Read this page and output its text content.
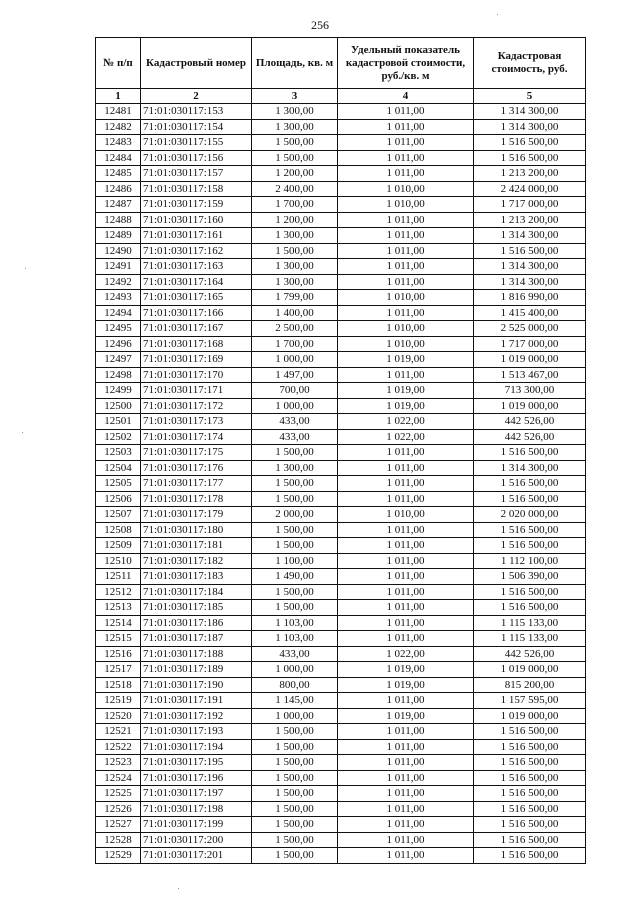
256
№ п/п	Кадастровый номер	Площадь, кв. м	Удельный показатель кадастровой стоимости, руб./кв. м	Кадастровая стоимость, руб.
1	2	3	4	5
12481	71:01:030117:153	1 300,00	1 011,00	1 314 300,00
12482	71:01:030117:154	1 300,00	1 011,00	1 314 300,00
12483	71:01:030117:155	1 500,00	1 011,00	1 516 500,00
12484	71:01:030117:156	1 500,00	1 011,00	1 516 500,00
12485	71:01:030117:157	1 200,00	1 011,00	1 213 200,00
12486	71:01:030117:158	2 400,00	1 010,00	2 424 000,00
12487	71:01:030117:159	1 700,00	1 010,00	1 717 000,00
12488	71:01:030117:160	1 200,00	1 011,00	1 213 200,00
12489	71:01:030117:161	1 300,00	1 011,00	1 314 300,00
12490	71:01:030117:162	1 500,00	1 011,00	1 516 500,00
12491	71:01:030117:163	1 300,00	1 011,00	1 314 300,00
12492	71:01:030117:164	1 300,00	1 011,00	1 314 300,00
12493	71:01:030117:165	1 799,00	1 010,00	1 816 990,00
12494	71:01:030117:166	1 400,00	1 011,00	1 415 400,00
12495	71:01:030117:167	2 500,00	1 010,00	2 525 000,00
12496	71:01:030117:168	1 700,00	1 010,00	1 717 000,00
12497	71:01:030117:169	1 000,00	1 019,00	1 019 000,00
12498	71:01:030117:170	1 497,00	1 011,00	1 513 467,00
12499	71:01:030117:171	700,00	1 019,00	713 300,00
12500	71:01:030117:172	1 000,00	1 019,00	1 019 000,00
12501	71:01:030117:173	433,00	1 022,00	442 526,00
12502	71:01:030117:174	433,00	1 022,00	442 526,00
12503	71:01:030117:175	1 500,00	1 011,00	1 516 500,00
12504	71:01:030117:176	1 300,00	1 011,00	1 314 300,00
12505	71:01:030117:177	1 500,00	1 011,00	1 516 500,00
12506	71:01:030117:178	1 500,00	1 011,00	1 516 500,00
12507	71:01:030117:179	2 000,00	1 010,00	2 020 000,00
12508	71:01:030117:180	1 500,00	1 011,00	1 516 500,00
12509	71:01:030117:181	1 500,00	1 011,00	1 516 500,00
12510	71:01:030117:182	1 100,00	1 011,00	1 112 100,00
12511	71:01:030117:183	1 490,00	1 011,00	1 506 390,00
12512	71:01:030117:184	1 500,00	1 011,00	1 516 500,00
12513	71:01:030117:185	1 500,00	1 011,00	1 516 500,00
12514	71:01:030117:186	1 103,00	1 011,00	1 115 133,00
12515	71:01:030117:187	1 103,00	1 011,00	1 115 133,00
12516	71:01:030117:188	433,00	1 022,00	442 526,00
12517	71:01:030117:189	1 000,00	1 019,00	1 019 000,00
12518	71:01:030117:190	800,00	1 019,00	815 200,00
12519	71:01:030117:191	1 145,00	1 011,00	1 157 595,00
12520	71:01:030117:192	1 000,00	1 019,00	1 019 000,00
12521	71:01:030117:193	1 500,00	1 011,00	1 516 500,00
12522	71:01:030117:194	1 500,00	1 011,00	1 516 500,00
12523	71:01:030117:195	1 500,00	1 011,00	1 516 500,00
12524	71:01:030117:196	1 500,00	1 011,00	1 516 500,00
12525	71:01:030117:197	1 500,00	1 011,00	1 516 500,00
12526	71:01:030117:198	1 500,00	1 011,00	1 516 500,00
12527	71:01:030117:199	1 500,00	1 011,00	1 516 500,00
12528	71:01:030117:200	1 500,00	1 011,00	1 516 500,00
12529	71:01:030117:201	1 500,00	1 011,00	1 516 500,00
